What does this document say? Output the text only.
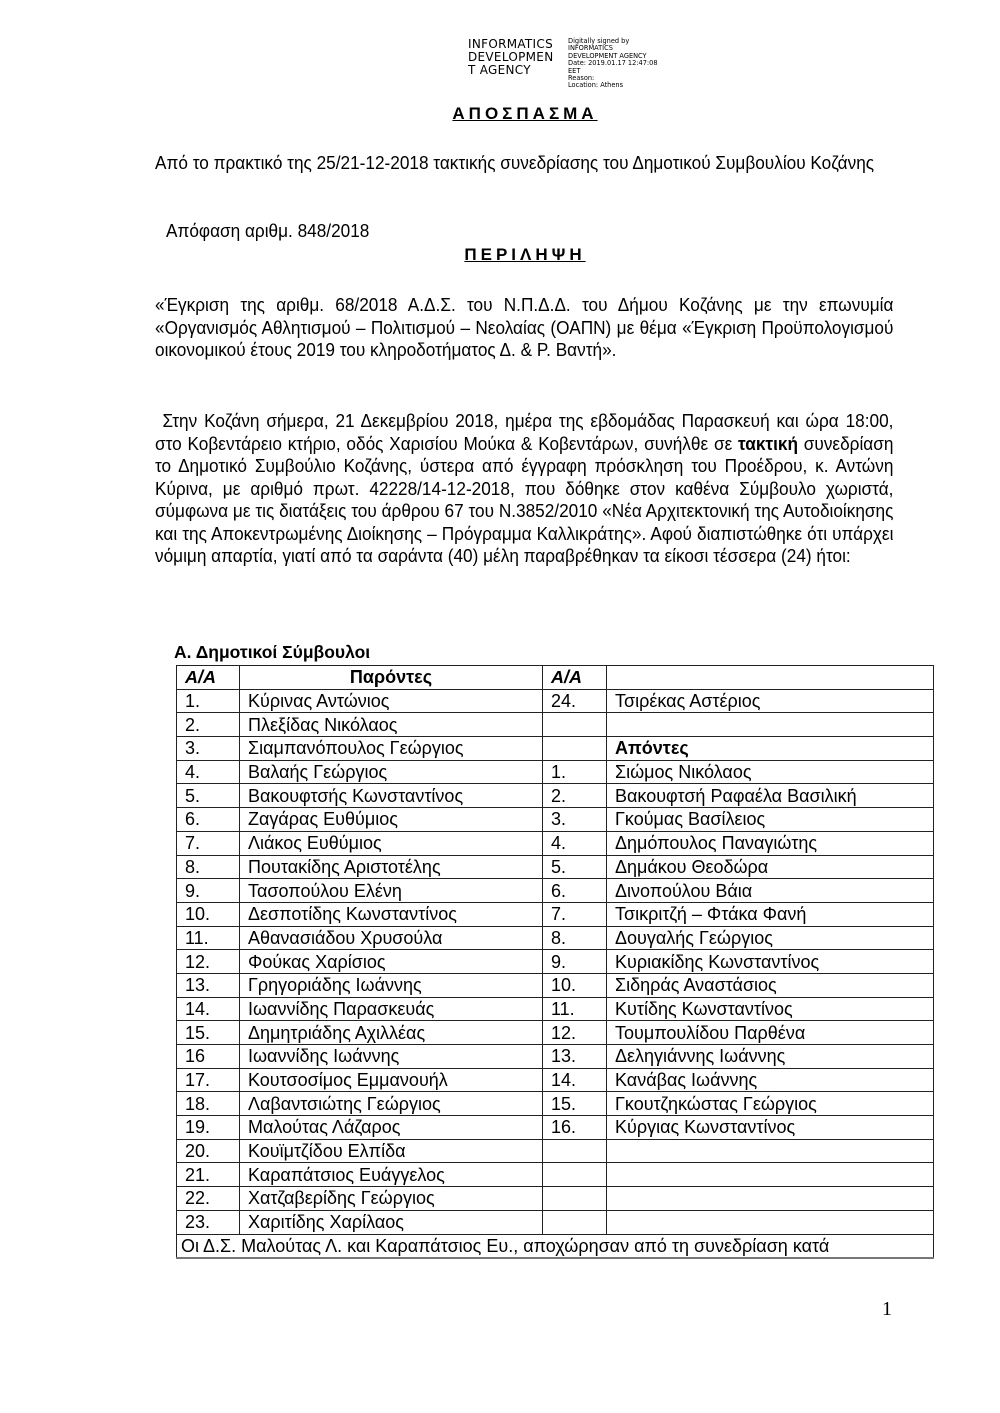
INFORMATICS
DEVELOPMEN
T AGENCY
Digitally signed by
INFORMATICS
DEVELOPMENT AGENCY
Date: 2019.01.17 12:47:08
EET
Reason:
Location: Athens
ΑΠΟΣΠΑΣΜΑ
Από το πρακτικό της 25/21-12-2018 τακτικής συνεδρίασης του Δημοτικού Συμβουλίου Κοζάνης
Απόφαση αριθμ. 848/2018
ΠΕΡΙΛΗΨΗ
«Έγκριση της αριθμ. 68/2018 Α.Δ.Σ. του Ν.Π.Δ.Δ. του Δήμου Κοζάνης με την επωνυμία «Οργανισμός Αθλητισμού – Πολιτισμού – Νεολαίας (ΟΑΠΝ) με θέμα «Έγκριση Προϋπολογισμού οικονομικού έτους 2019 του κληροδοτήματος Δ. & Ρ. Βαντή».
Στην Κοζάνη σήμερα, 21 Δεκεμβρίου 2018, ημέρα της εβδομάδας Παρασκευή και ώρα 18:00, στο Κοβεντάρειο κτήριο, οδός Χαρισίου Μούκα & Κοβεντάρων, συνήλθε σε τακτική συνεδρίαση το Δημοτικό Συμβούλιο Κοζάνης, ύστερα από έγγραφη πρόσκληση του Προέδρου, κ. Αντώνη Κύρινα, με αριθμό πρωτ. 42228/14-12-2018, που δόθηκε στον καθένα Σύμβουλο χωριστά, σύμφωνα με τις διατάξεις του άρθρου 67 του Ν.3852/2010 «Νέα Αρχιτεκτονική της Αυτοδιοίκησης και της Αποκεντρωμένης Διοίκησης – Πρόγραμμα Καλλικράτης». Αφού διαπιστώθηκε ότι υπάρχει νόμιμη απαρτία, γιατί από τα σαράντα (40) μέλη παραβρέθηκαν τα είκοσι τέσσερα (24) ήτοι:
Α. Δημοτικοί Σύμβουλοι
Α/Α	Παρόντες	Α/Α	
1.	Κύρινας Αντώνιος	24.	Τσιρέκας Αστέριος
2.	Πλεξίδας Νικόλαος		
3.	Σιαμπανόπουλος Γεώργιος		Απόντες
4.	Βαλαής Γεώργιος	1.	Σιώμος Νικόλαος
5.	Βακουφτσής Κωνσταντίνος	2.	Βακουφτσή Ραφαέλα Βασιλική
6.	Ζαγάρας Ευθύμιος	3.	Γκούμας Βασίλειος
7.	Λιάκος Ευθύμιος	4.	Δημόπουλος Παναγιώτης
8.	Πουτακίδης Αριστοτέλης	5.	Δημάκου Θεοδώρα
9.	Τασοπούλου Ελένη	6.	Δινοπούλου Βάια
10.	Δεσποτίδης Κωνσταντίνος	7.	Τσικριτζή – Φτάκα Φανή
11.	Αθανασιάδου Χρυσούλα	8.	Δουγαλής Γεώργιος
12.	Φούκας Χαρίσιος	9.	Κυριακίδης Κωνσταντίνος
13.	Γρηγοριάδης Ιωάννης	10.	Σιδηράς Αναστάσιος
14.	Ιωαννίδης Παρασκευάς	11.	Κυτίδης Κωνσταντίνος
15.	Δημητριάδης Αχιλλέας	12.	Τουμπουλίδου Παρθένα
16	Ιωαννίδης Ιωάννης	13.	Δεληγιάννης Ιωάννης
17.	Κουτσοσίμος Εμμανουήλ	14.	Κανάβας Ιωάννης
18.	Λαβαντσιώτης Γεώργιος	15.	Γκουτζηκώστας Γεώργιος
19.	Μαλούτας Λάζαρος	16.	Κύργιας Κωνσταντίνος
20.	Κουϊμτζίδου Ελπίδα		
21.	Καραπάτσιος Ευάγγελος		
22.	Χατζαβερίδης Γεώργιος		
23.	Χαριτίδης Χαρίλαος		
Οι Δ.Σ. Μαλούτας Λ. και Καραπάτσιος Ευ., αποχώρησαν από τη συνεδρίαση κατά			
1
